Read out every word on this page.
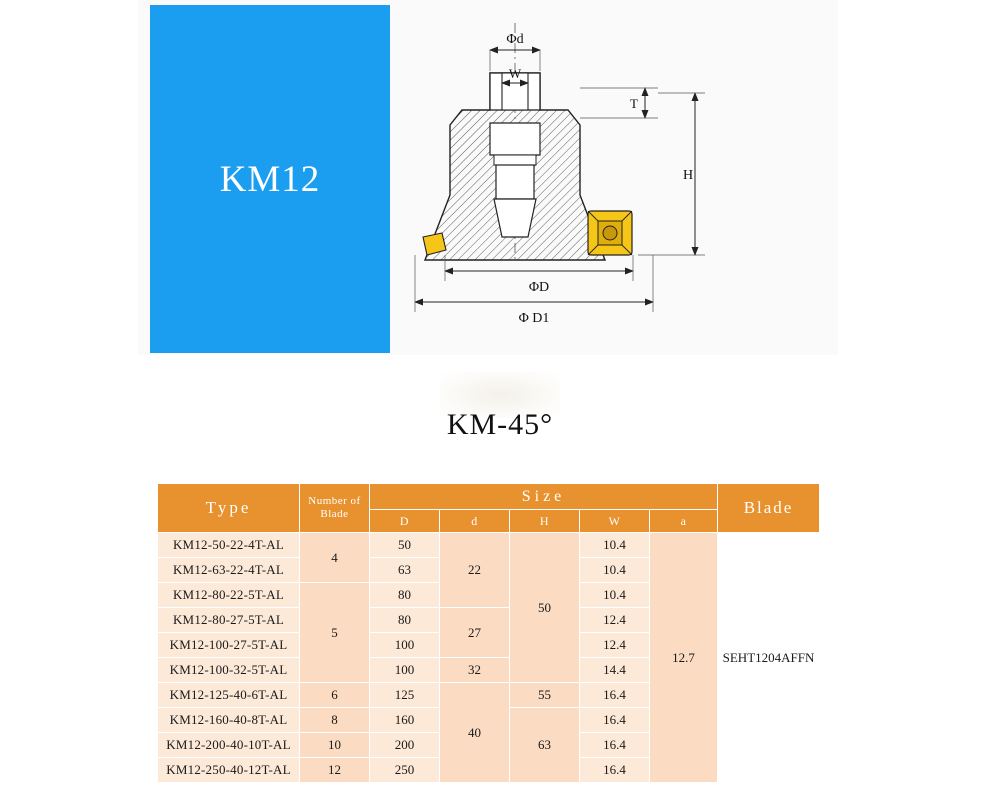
KM12
Φd
W
T
H
ΦD
Φ D1
KM-45°
Type	Number of
Blade	Size					Blade
		D	d	H	W	a	
KM12-50-22-4T-AL	4	50	22	50	10.4	12.7	SEHT1204AFFN
KM12-63-22-4T-AL		63			10.4		
KM12-80-22-5T-AL	5	80			10.4		
KM12-80-27-5T-AL		80	27		12.4		
KM12-100-27-5T-AL		100			12.4		
KM12-100-32-5T-AL		100	32		14.4		
KM12-125-40-6T-AL	6	125	40	55	16.4		
KM12-160-40-8T-AL	8	160		63	16.4		
KM12-200-40-10T-AL	10	200			16.4		
KM12-250-40-12T-AL	12	250			16.4		
